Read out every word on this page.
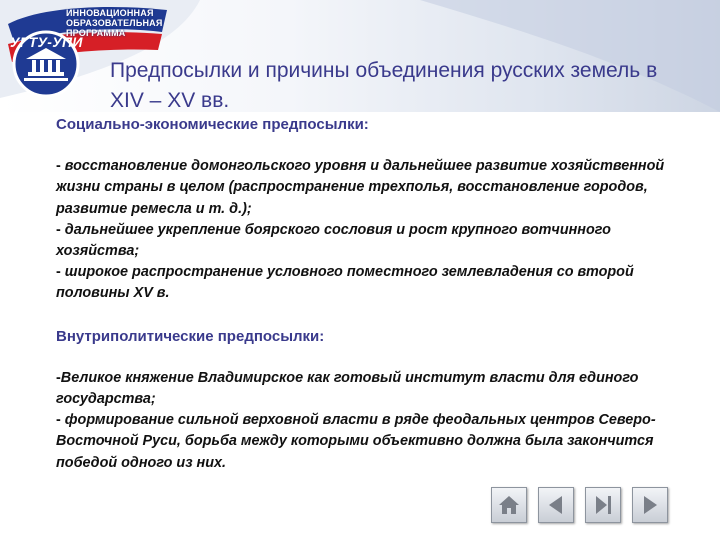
ИННОВАЦИОННАЯ
ОБРАЗОВАТЕЛЬНАЯ
ПРОГРАММА
УГТУ-УПИ
Предпосылки и причины объединения русских земель в XIV – XV вв.

Социально-экономические предпосылки:

- восстановление домонгольского уровня и дальнейшее развитие хозяйственной жизни страны в целом (распространение трехполья, восстановление городов, развитие ремесла и т. д.);

- дальнейшее укрепление боярского сословия и рост крупного вотчинного хозяйства;

- широкое распространение условного поместного землевладения со второй половины XV в.

Внутриполитические предпосылки:

-Великое княжение Владимирское как готовый институт власти для единого государства;

- формирование сильной верховной власти в ряде феодальных центров Северо-Восточной Руси, борьба между которыми объективно должна была закончится победой одного из них.
